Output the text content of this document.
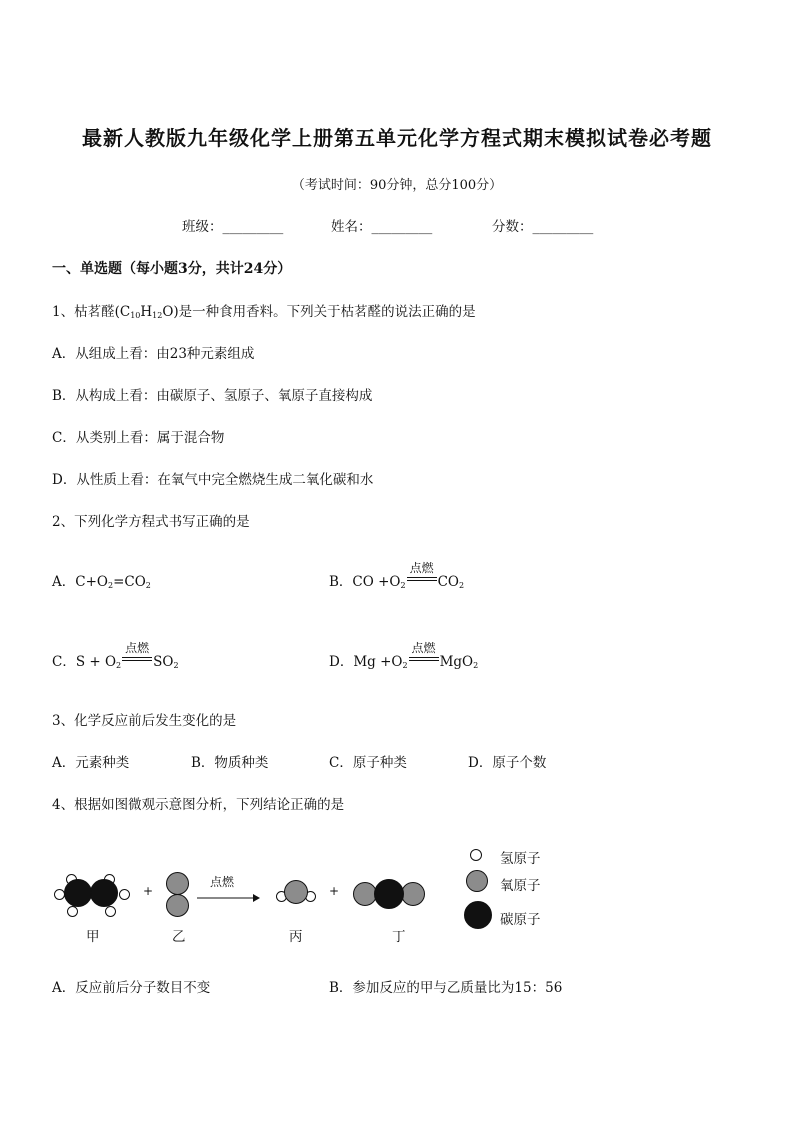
最新人教版九年级化学上册第五单元化学方程式期末模拟试卷必考题
（考试时间：90分钟，总分100分）
班级：_________	姓名：_________	分数：_________
一、单选题（每小题3分，共计24分）
1、枯茗醛$(C_{10}H_{12}O)$是一种食用香料。下列关于枯茗醛的说法正确的是
A．从组成上看：由23种元素组成
B．从构成上看：由碳原子、氢原子、氧原子直接构成
C．从类别上看：属于混合物
D．从性质上看：在氧气中完全燃烧生成二氧化碳和水
2、下列化学方程式书写正确的是
A．$C+O_2=CO_2$	B．CO $+O_2$
点燃
$CO_2$
C．$S + O_2$
点燃
$SO_2$	D．$Mg +O_2$
点燃
MgO$_2$
3、化学反应前后发生变化的是
A．元素种类	B．物质种类	C．原子种类	D．原子个数
4、根据如图微观示意图分析，下列结论正确的是
甲
+
乙
点燃
丙
+
丁
氢原子
氧原子
碳原子
A．反应前后分子数目不变	B．参加反应的甲与乙质量比为15：56
